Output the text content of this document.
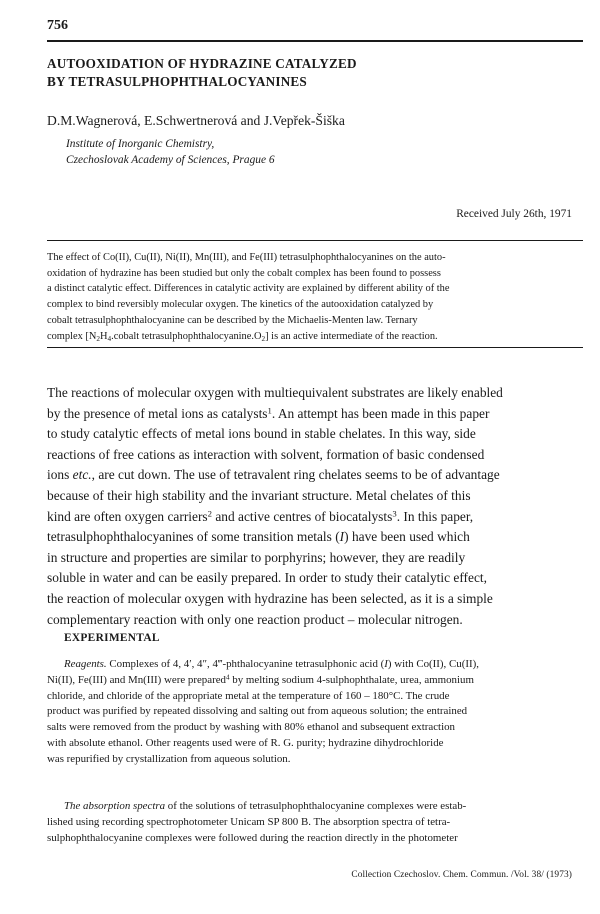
756
AUTOOXIDATION OF HYDRAZINE CATALYZED
BY TETRASULPHOPHTHALOCYANINES
D.M.Wagnerová, E.Schwertnerová and J.Vepřek-Šiška
Institute of Inorganic Chemistry,
Czechoslovak Academy of Sciences, Prague 6
Received July 26th, 1971
The effect of Co(II), Cu(II), Ni(II), Mn(III), and Fe(III) tetrasulphophthalocyanines on the auto-
oxidation of hydrazine has been studied but only the cobalt complex has been found to possess
a distinct catalytic effect. Differences in catalytic activity are explained by different ability of the
complex to bind reversibly molecular oxygen. The kinetics of the autooxidation catalyzed by
cobalt tetrasulphophthalocyanine can be described by the Michaelis-Menten law. Ternary
complex [$N_2H_4.cobalt$ $tetrasulphophthalocyanine.O_2$] is an active intermediate of the reaction.
The reactions of molecular oxygen with multiequivalent substrates are likely enabled
by the presence of metal ions as catalysts$^1$. An attempt has been made in this paper
to study catalytic effects of metal ions bound in stable chelates. In this way, side
reactions of free cations as interaction with solvent, formation of basic condensed
ions etc., are cut down. The use of tetravalent ring chelates seems to be of advantage
because of their high stability and the invariant structure. Metal chelates of this
kind are often oxygen carriers$^2$ and active centres of biocatalysts$^3$. In this paper,
tetrasulphophthalocyanines of some transition metals (I) have been used which
in structure and properties are similar to porphyrins; however, they are readily
soluble in water and can be easily prepared. In order to study their catalytic effect,
the reaction of molecular oxygen with hydrazine has been selected, as it is a simple
complementary reaction with only one reaction product – molecular nitrogen.
EXPERIMENTAL
Reagents. Complexes of 4, 4′, 4″, 4‴-phthalocyanine tetrasulphonic acid (I) with Co(II), Cu(II),
Ni(II), Fe(III) and Mn(III) were prepared$^4$ by melting sodium 4-sulphophthalate, urea, ammonium
chloride, and chloride of the appropriate metal at the temperature of 160 – 180°C. The crude
product was purified by repeated dissolving and salting out from aqueous solution; the entrained
salts were removed from the product by washing with 80% ethanol and subsequent extraction
with absolute ethanol. Other reagents used were of R. G. purity; hydrazine dihydrochloride
was repurified by crystallization from aqueous solution.
The absorption spectra of the solutions of tetrasulphophthalocyanine complexes were estab-
lished using recording spectrophotometer Unicam SP 800 B. The absorption spectra of tetra-
sulphophthalocyanine complexes were followed during the reaction directly in the photometer
Collection Czechoslov. Chem. Commun. /Vol. 38/ (1973)
